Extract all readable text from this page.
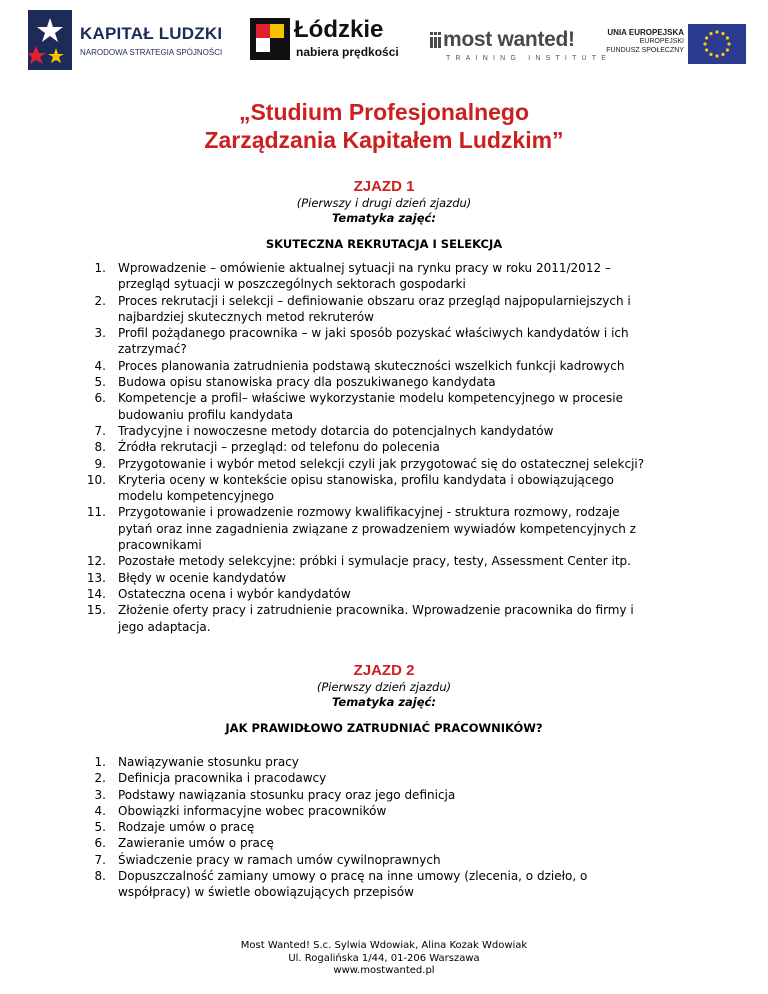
KAPITAŁ LUDZKI
NARODOWA STRATEGIA SPÓJNOŚCI
Łódzkie
nabiera prędkości
most wanted!
TRAINING INSTITUTE
UNIA EUROPEJSKA
EUROPEJSKI
FUNDUSZ SPOŁECZNY
„Studium Profesjonalnego
Zarządzania Kapitałem Ludzkim”
ZJAZD 1
(Pierwszy i drugi dzień zjazdu)
Tematyka zajęć:
SKUTECZNA REKRUTACJA I SELEKCJA
1. Wprowadzenie – omówienie aktualnej sytuacji na rynku pracy w roku 2011/2012 –
przegląd sytuacji w poszczególnych sektorach gospodarki
2. Proces rekrutacji i selekcji – definiowanie obszaru oraz przegląd najpopularniejszych i
najbardziej skutecznych metod rekruterów
3. Profil pożądanego pracownika – w jaki sposób pozyskać właściwych kandydatów i ich
zatrzymać?
4. Proces planowania zatrudnienia podstawą skuteczności wszelkich funkcji kadrowych
5. Budowa opisu stanowiska pracy dla poszukiwanego kandydata
6. Kompetencje a profil– właściwe wykorzystanie modelu kompetencyjnego w procesie
budowaniu profilu kandydata
7. Tradycyjne i nowoczesne metody dotarcia do potencjalnych kandydatów
8. Źródła rekrutacji – przegląd: od telefonu do polecenia
9. Przygotowanie i wybór metod selekcji czyli jak przygotować się do ostatecznej selekcji?
10. Kryteria oceny w kontekście opisu stanowiska, profilu kandydata i obowiązującego
modelu kompetencyjnego
11. Przygotowanie i prowadzenie rozmowy kwalifikacyjnej - struktura rozmowy, rodzaje
pytań oraz inne zagadnienia związane z prowadzeniem wywiadów kompetencyjnych z
pracownikami
12. Pozostałe metody selekcyjne: próbki i symulacje pracy, testy, Assessment Center itp.
13. Błędy w ocenie kandydatów
14. Ostateczna ocena i wybór kandydatów
15. Złożenie oferty pracy i zatrudnienie pracownika. Wprowadzenie pracownika do firmy i
jego adaptacja.
ZJAZD 2
(Pierwszy dzień zjazdu)
Tematyka zajęć:
JAK PRAWIDŁOWO ZATRUDNIAĆ PRACOWNIKÓW?
1. Nawiązywanie stosunku pracy
2. Definicja pracownika i pracodawcy
3. Podstawy nawiązania stosunku pracy oraz jego definicja
4. Obowiązki informacyjne wobec pracowników
5. Rodzaje umów o pracę
6. Zawieranie umów o pracę
7. Świadczenie pracy w ramach umów cywilnoprawnych
8. Dopuszczalność zamiany umowy o pracę na inne umowy (zlecenia, o dzieło, o
współpracy) w świetle obowiązujących przepisów
Most Wanted! S.c. Sylwia Wdowiak, Alina Kozak Wdowiak
Ul. Rogalińska 1/44, 01-206 Warszawa
www.mostwanted.pl
